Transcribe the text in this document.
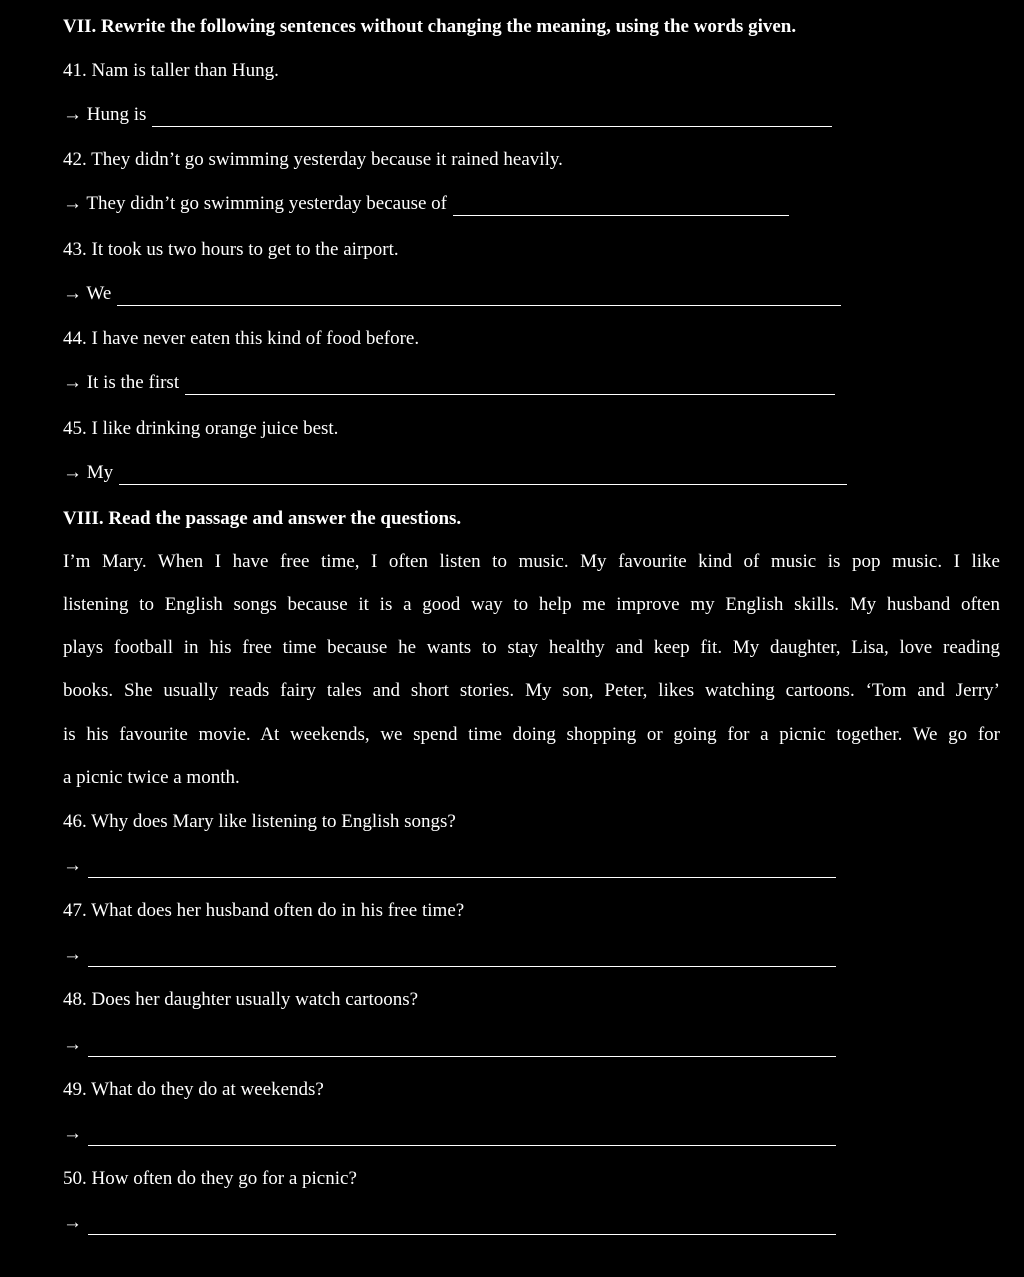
VII. Rewrite the following sentences without changing the meaning, using the words given.
41. Nam is taller than Hung.
→ Hung is
42. They didn’t go swimming yesterday because it rained heavily.
→ They didn’t go swimming yesterday because of
43. It took us two hours to get to the airport.
→ We
44. I have never eaten this kind of food before.
→ It is the first
45. I like drinking orange juice best.
→ My
VIII. Read the passage and answer the questions.
I’m Mary. When I have free time, I often listen to music. My favourite kind of music is pop music. I like
listening to English songs because it is a good way to help me improve my English skills. My husband often
plays football in his free time because he wants to stay healthy and keep fit. My daughter, Lisa, love reading
books. She usually reads fairy tales and short stories. My son, Peter, likes watching cartoons. ‘Tom and Jerry’
is his favourite movie. At weekends, we spend time doing shopping or going for a picnic together. We go for
a picnic twice a month.
46. Why does Mary like listening to English songs?
→
47. What does her husband often do in his free time?
→
48. Does her daughter usually watch cartoons?
→
49. What do they do at weekends?
→
50. How often do they go for a picnic?
→
